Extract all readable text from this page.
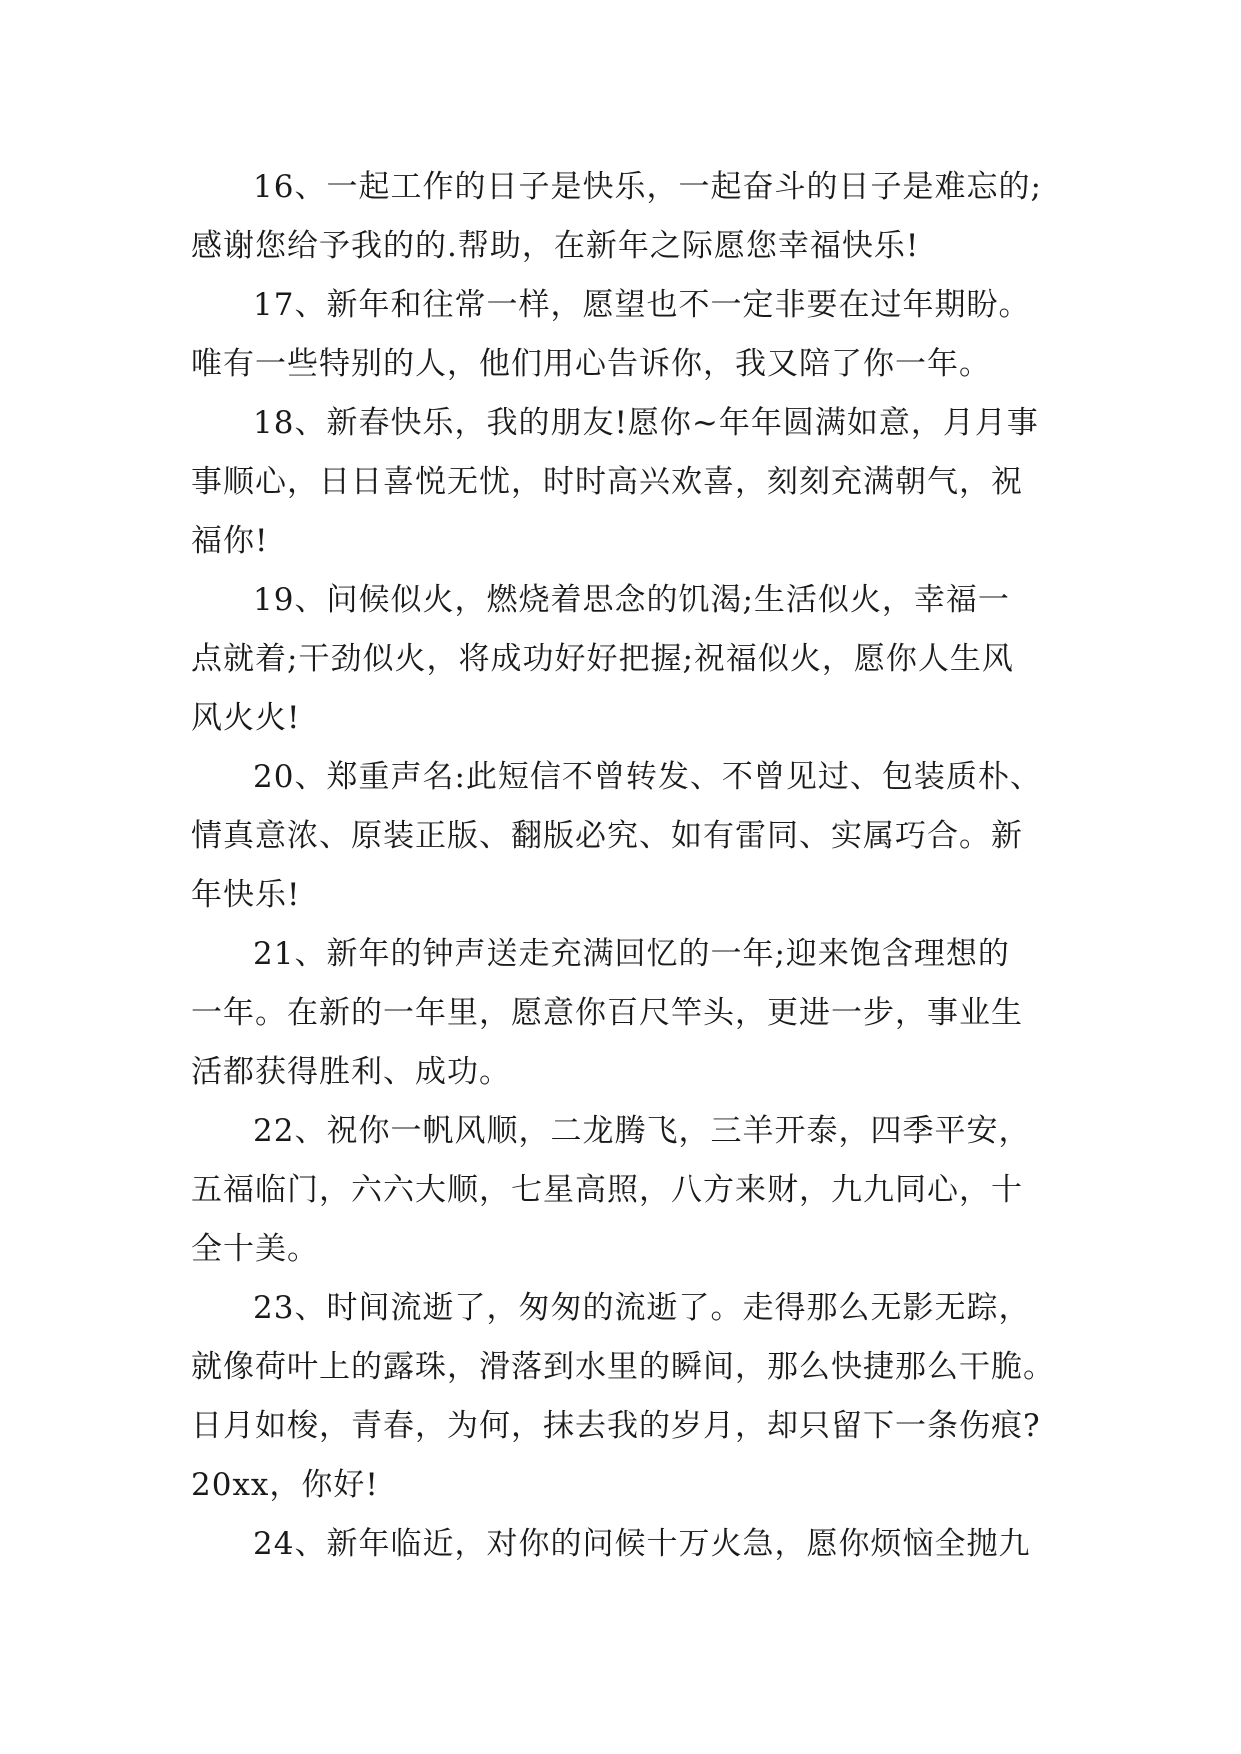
16、一起工作的日子是快乐，一起奋斗的日子是难忘的;
感谢您给予我的的.帮助，在新年之际愿您幸福快乐!

17、新年和往常一样，愿望也不一定非要在过年期盼。
唯有一些特别的人，他们用心告诉你，我又陪了你一年。

18、新春快乐，我的朋友!愿你~年年圆满如意，月月事
事顺心，日日喜悦无忧，时时高兴欢喜，刻刻充满朝气，祝
福你!

19、问候似火，燃烧着思念的饥渴;生活似火，幸福一
点就着;干劲似火，将成功好好把握;祝福似火，愿你人生风
风火火!

20、郑重声名:此短信不曾转发、不曾见过、包装质朴、
情真意浓、原装正版、翻版必究、如有雷同、实属巧合。新
年快乐!

21、新年的钟声送走充满回忆的一年;迎来饱含理想的
一年。在新的一年里，愿意你百尺竿头，更进一步，事业生
活都获得胜利、成功。

22、祝你一帆风顺，二龙腾飞，三羊开泰，四季平安，
五福临门，六六大顺，七星高照，八方来财，九九同心，十
全十美。

23、时间流逝了，匆匆的流逝了。走得那么无影无踪，
就像荷叶上的露珠，滑落到水里的瞬间，那么快捷那么干脆。
日月如梭，青春，为何，抹去我的岁月，却只留下一条伤痕?
20xx，你好!

24、新年临近，对你的问候十万火急，愿你烦恼全抛九
